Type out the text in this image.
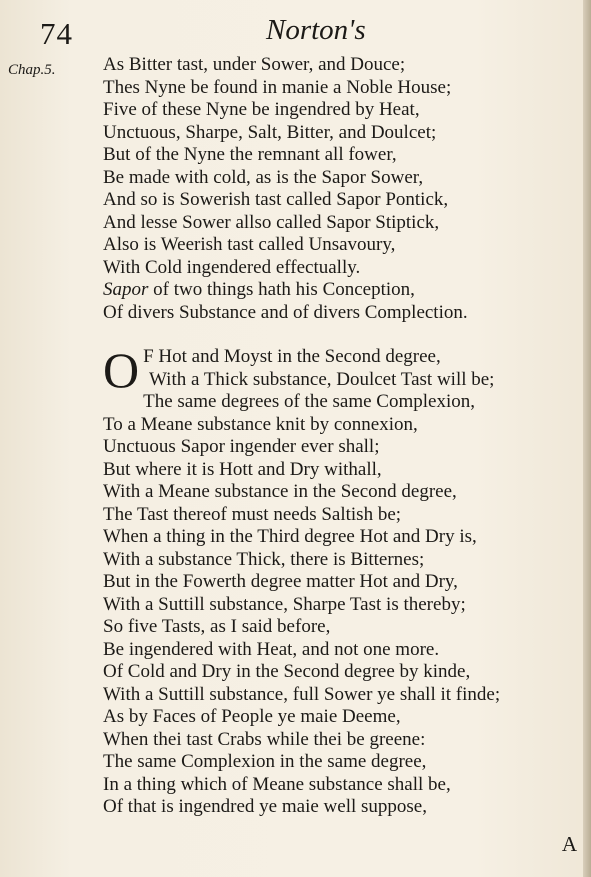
74	Norton's
Chap.5. As Bitter tast, under Sower, and Douce;
Thes Nyne be found in manie a Noble House;
Five of these Nyne be ingendred by Heat,
Unctuous, Sharpe, Salt, Bitter, and Doulcet;
But of the Nyne the remnant all fower,
Be made with cold, as is the Sapor Sower,
And so is Sowerish tast called Sapor Pontick,
And lesse Sower allso called Sapor Stiptick,
Also is Weerish tast called Unsavoury,
With Cold ingendered effectually.
Sapor of two things hath his Conception,
Of divers Substance and of divers Complection.
O F Hot and Moyst in the Second degree,
With a Thick substance, Doulcet Tast will be;
The same degrees of the same Complexion,
To a Meane substance knit by connexion,
Unctuous Sapor ingender ever shall;
But where it is Hott and Dry withall,
With a Meane substance in the Second degree,
The Tast thereof must needs Saltish be;
When a thing in the Third degree Hot and Dry is,
With a substance Thick, there is Bitternes;
But in the Fowerth degree matter Hot and Dry,
With a Suttill substance, Sharpe Tast is thereby;
So five Tasts, as I said before,
Be ingendered with Heat, and not one more.
Of Cold and Dry in the Second degree by kinde,
With a Suttill substance, full Sower ye shall it finde;
As by Faces of People ye maie Deeme,
When thei tast Crabs while thei be greene:
The same Complexion in the same degree,
In a thing which of Meane substance shall be,
Of that is ingendred ye maie well suppose,
A
